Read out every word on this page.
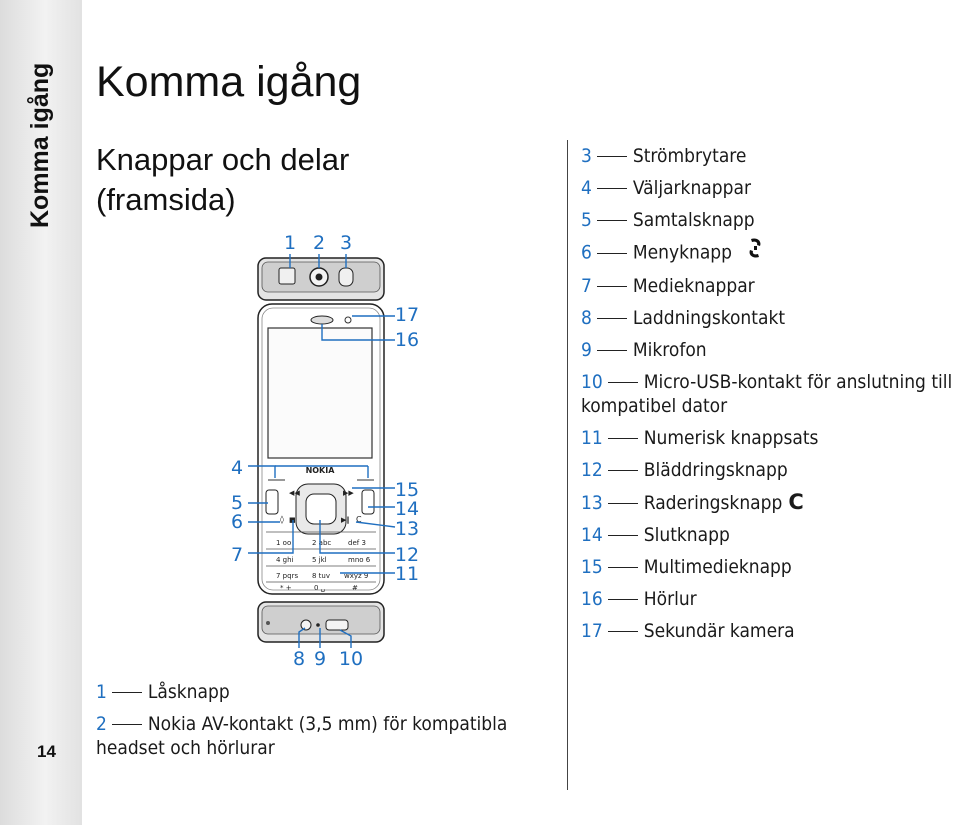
Komma igång
14
Komma igång
Knappar och delar (framsida)
1 2 3
4
5
6
7
8 9 10
11
12
13
14
15
16
17
NOKIA
◀◀	▶▶
■	▶‖
◊	C
1 oo	2 abc def 3
4 ghi	5 jkl	mno 6
7 pqrs 8 tuv wxyz 9
* +	0 ␣	#
3 Strömbrytare
4 Väljarknappar
5 Samtalsknapp
6 Menyknapp
7 Medieknappar
8 Laddningskontakt
9 Mikrofon
10 Micro-USB-kontakt för anslutning till kompatibel dator
11 Numerisk knappsats
12 Bläddringsknapp
13 Raderingsknapp C
14 Slutknapp
15 Multimedieknapp
16 Hörlur
17 Sekundär kamera
1 Låsknapp
2 Nokia AV-kontakt (3,5 mm) för kompatibla headset och hörlurar
